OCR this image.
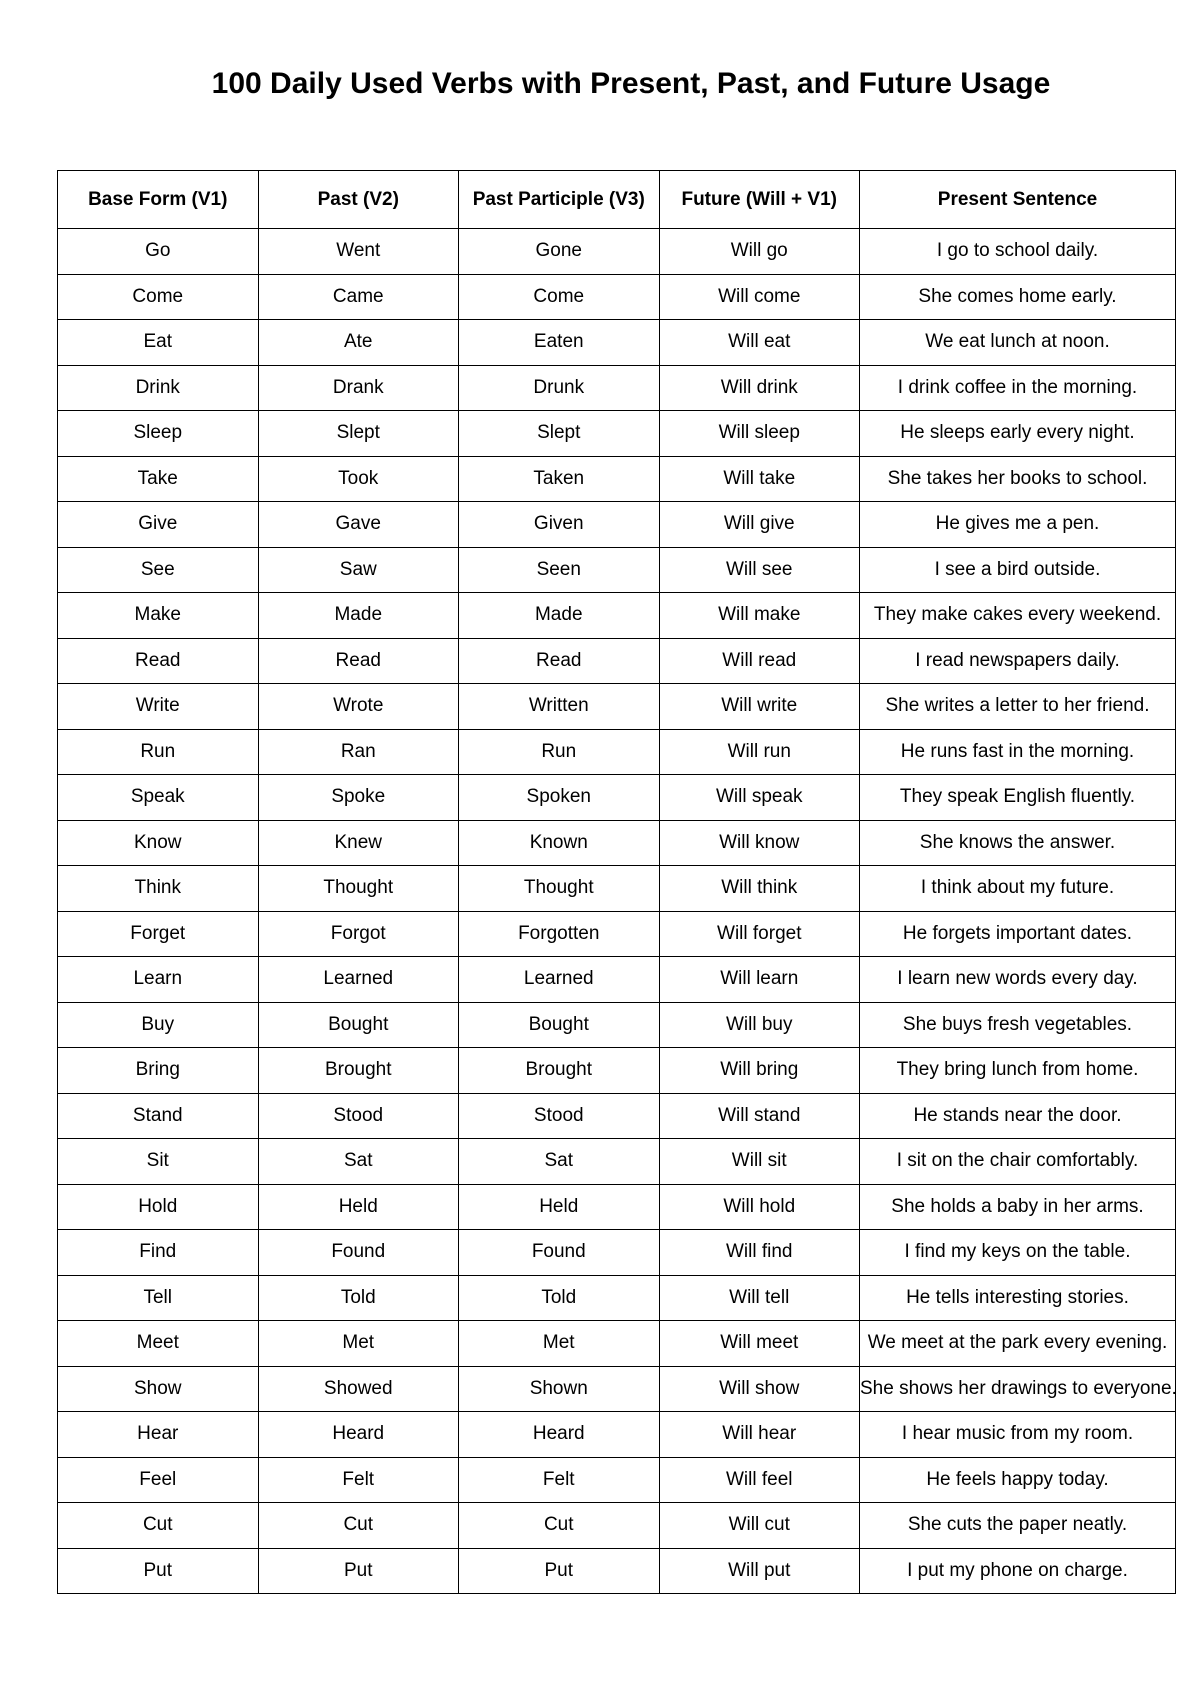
100 Daily Used Verbs with Present, Past, and Future Usage
Base Form (V1)	Past (V2)	Past Participle (V3)	Future (Will + V1)	Present Sentence
Go	Went	Gone	Will go	I go to school daily.
Come	Came	Come	Will come	She comes home early.
Eat	Ate	Eaten	Will eat	We eat lunch at noon.
Drink	Drank	Drunk	Will drink	I drink coffee in the morning.
Sleep	Slept	Slept	Will sleep	He sleeps early every night.
Take	Took	Taken	Will take	She takes her books to school.
Give	Gave	Given	Will give	He gives me a pen.
See	Saw	Seen	Will see	I see a bird outside.
Make	Made	Made	Will make	They make cakes every weekend.
Read	Read	Read	Will read	I read newspapers daily.
Write	Wrote	Written	Will write	She writes a letter to her friend.
Run	Ran	Run	Will run	He runs fast in the morning.
Speak	Spoke	Spoken	Will speak	They speak English fluently.
Know	Knew	Known	Will know	She knows the answer.
Think	Thought	Thought	Will think	I think about my future.
Forget	Forgot	Forgotten	Will forget	He forgets important dates.
Learn	Learned	Learned	Will learn	I learn new words every day.
Buy	Bought	Bought	Will buy	She buys fresh vegetables.
Bring	Brought	Brought	Will bring	They bring lunch from home.
Stand	Stood	Stood	Will stand	He stands near the door.
Sit	Sat	Sat	Will sit	I sit on the chair comfortably.
Hold	Held	Held	Will hold	She holds a baby in her arms.
Find	Found	Found	Will find	I find my keys on the table.
Tell	Told	Told	Will tell	He tells interesting stories.
Meet	Met	Met	Will meet	We meet at the park every evening.
Show	Showed	Shown	Will show	She shows her drawings to everyone.
Hear	Heard	Heard	Will hear	I hear music from my room.
Feel	Felt	Felt	Will feel	He feels happy today.
Cut	Cut	Cut	Will cut	She cuts the paper neatly.
Put	Put	Put	Will put	I put my phone on charge.
